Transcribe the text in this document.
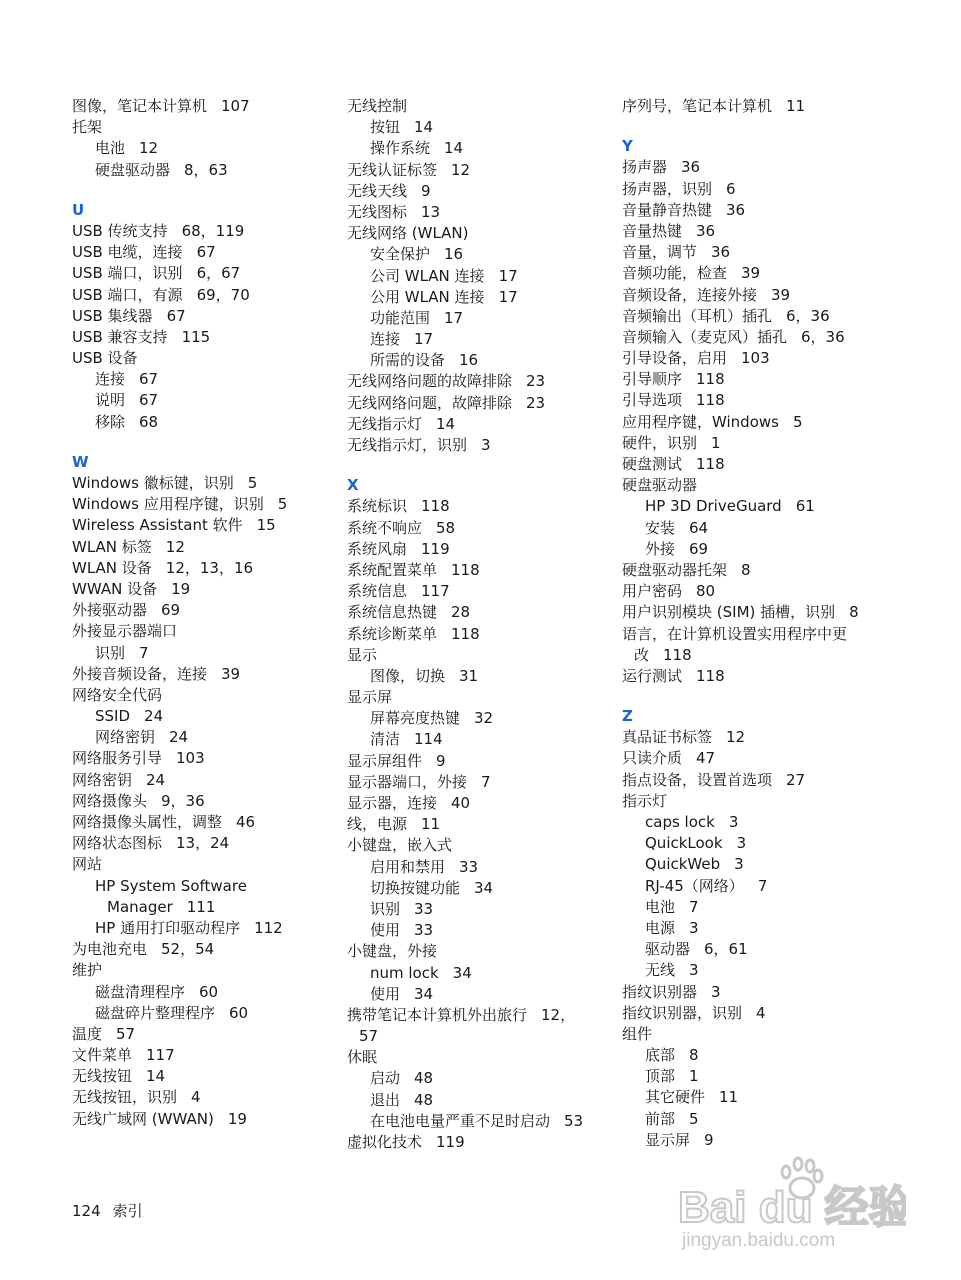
图像，笔记本计算机 107
托架
电池 12
硬盘驱动器 8，63
U
USB 传统支持 68，119
USB 电缆，连接 67
USB 端口，识别 6，67
USB 端口，有源 69，70
USB 集线器 67
USB 兼容支持 115
USB 设备
连接 67
说明 67
移除 68
W
Windows 徽标键，识别 5
Windows 应用程序键，识别 5
Wireless Assistant 软件 15
WLAN 标签 12
WLAN 设备 12，13，16
WWAN 设备 19
外接驱动器 69
外接显示器端口
识别 7
外接音频设备，连接 39
网络安全代码
SSID 24
网络密钥 24
网络服务引导 103
网络密钥 24
网络摄像头 9，36
网络摄像头属性，调整 46
网络状态图标 13，24
网站
HP System Software
Manager 111
HP 通用打印驱动程序 112
为电池充电 52，54
维护
磁盘清理程序 60
磁盘碎片整理程序 60
温度 57
文件菜单 117
无线按钮 14
无线按钮，识别 4
无线广域网 (WWAN) 19
无线控制
按钮 14
操作系统 14
无线认证标签 12
无线天线 9
无线图标 13
无线网络 (WLAN)
安全保护 16
公司 WLAN 连接 17
公用 WLAN 连接 17
功能范围 17
连接 17
所需的设备 16
无线网络问题的故障排除 23
无线网络问题，故障排除 23
无线指示灯 14
无线指示灯，识别 3
X
系统标识 118
系统不响应 58
系统风扇 119
系统配置菜单 118
系统信息 117
系统信息热键 28
系统诊断菜单 118
显示
图像，切换 31
显示屏
屏幕亮度热键 32
清洁 114
显示屏组件 9
显示器端口，外接 7
显示器，连接 40
线，电源 11
小键盘，嵌入式
启用和禁用 33
切换按键功能 34
识别 33
使用 33
小键盘，外接
num lock 34
使用 34
携带笔记本计算机外出旅行 12，
57
休眠
启动 48
退出 48
在电池电量严重不足时启动 53
虚拟化技术 119
序列号，笔记本计算机 11
Y
扬声器 36
扬声器，识别 6
音量静音热键 36
音量热键 36
音量，调节 36
音频功能，检查 39
音频设备，连接外接 39
音频输出（耳机）插孔 6，36
音频输入（麦克风）插孔 6，36
引导设备，启用 103
引导顺序 118
引导选项 118
应用程序键，Windows 5
硬件，识别 1
硬盘测试 118
硬盘驱动器
HP 3D DriveGuard 61
安装 64
外接 69
硬盘驱动器托架 8
用户密码 80
用户识别模块 (SIM) 插槽，识别 8
语言，在计算机设置实用程序中更
改 118
运行测试 118
Z
真品证书标签 12
只读介质 47
指点设备，设置首选项 27
指示灯
caps lock 3
QuickLook 3
QuickWeb 3
RJ-45（网络） 7
电池 7
电源 3
驱动器 6，61
无线 3
指纹识别器 3
指纹识别器，识别 4
组件
底部 8
顶部 1
其它硬件 11
前部 5
显示屏 9
124 索引	Bai du 经验
jingyan.baidu.com
